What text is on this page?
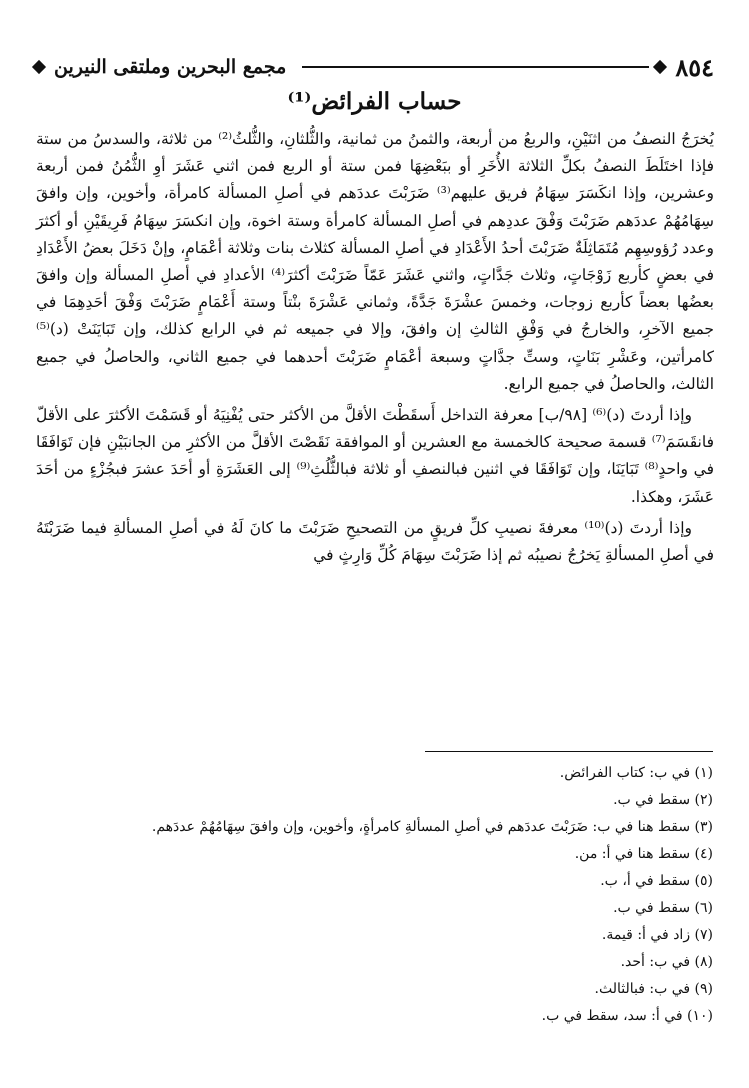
٨٥٤
مجمع البحرين وملتقى النيرين
حساب الفرائض⁽¹⁾

يُخرَجُ النصفُ من اثنَيْنِ، والربعُ من أربعة، والثمنُ من ثمانية، والثُّلثانِ، والثُّلثُ⁽²⁾ من ثلاثة، والسدسُ من ستة فإذا اختَلَطَ النصفُ بكلِّ الثلاثة الأُخَرِ أو ببَعْضِهَا فمن ستة أو الربع فمن اثني عَشَرَ أوِ الثُّمُنُ فمن أربعة وعشرين، وإذا انكَسَرَ سِهَامُ فريق عليهم⁽³⁾ ضَرَبْتَ عددَهم في أصلِ المسألة كامرأة، وأخوين، وإن وافقَ سِهَامُهُمْ عددَهم ضَرَبْتَ وَفْقَ عددِهم في أصلِ المسألة كامرأة وستة اخوة، وإن انكسَرَ سِهَامُ فَرِيقَيْنِ أو أكثرَ وعدد رُؤوسِهِم مُتَمَاثِلَةٌ ضَرَبْتَ أحدُ الأَعْدَادِ في أصلِ المسألة كثلاث بنات وثلاثة أعْمَامٍ، وإنْ دَخَلَ بعضُ الأَعْدَادِ في بعضٍ كأربع زَوْجَاتٍ، وثلاث جَدَّاتٍ، واثني عَشَرَ عَمّاً ضَرَبْتَ أكثرَ⁽⁴⁾ الأعدادِ في أصلِ المسألة وإن وافقَ بعضُها بعضاً كأربع زوجات، وخمسَ عشْرَةَ جَدَّةً، وثماني عَشْرَةَ بنْتاً وستة أَعْمَامٍ ضَرَبْتَ وَفْقَ أحَدِهِمَا في جميع الآخرِ، والخارجُ في وَفْقِ الثالثِ إن وافقَ، وإلا في جميعه ثم في الرابع كذلك، وإن تَبَايَنَتْ (د)⁽⁵⁾ كامرأتين، وعَشْرِ بَنَاتٍ، وستِّ جدَّاتٍ وسبعة أعْمَامٍ ضَرَبْتَ أحدهما في جميع الثاني، والحاصلُ في جميع الثالث، والحاصلُ في جميع الرابع.

وإذا أردتَ (د)⁽⁶⁾ [٩٨/ب] معرفة التداخل أَسقَطْتَ الأقلَّ من الأكثر حتى يُفْنِيَهُ أو قَسَمْتَ الأكثرَ على الأقلّ فانقَسَمَ⁽⁷⁾ قسمة صحيحة كالخمسة مع العشرين أو الموافقة نَقَصْتَ الأقلَّ من الأكثرِ من الجانبَيْنِ فإن تَوَافَقَا في واحدٍ⁽⁸⁾ تَبَايَنَا، وإن تَوَافَقَا في اثنين فبالنصفِ أو ثلاثة فبالثُّلُثِ⁽⁹⁾ إلى العَشَرَةِ أو أحَدَ عشرَ فبجُزْءٍ من أحَدَ عَشَرَ، وهكذا.

وإذا أردتَ (د)⁽¹⁰⁾ معرفةَ نصيبِ كلِّ فريقٍ من التصحيحِ ضَرَبْتَ ما كانَ لَهُ في أصلِ المسألةِ فيما ضَرَبْتَهُ في أصلِ المسألةِ يَخرُجُ نصيبُه ثم إذا ضَرَبْتَ سِهَامَ كُلِّ وَارِثٍ في

(١) في ب: كتاب الفرائض.
(٢) سقط في ب.
(٣) سقط هنا في ب: ضَرَبْتَ عددَهم في أصلِ المسألةِ كامرأةٍ، وأخوين، وإن وافقَ سِهَامُهُمْ عددَهم.
(٤) سقط هنا في أ: من.
(٥) سقط في أ، ب.
(٦) سقط في ب.
(٧) زاد في أ: قيمة.
(٨) في ب: أحد.
(٩) في ب: فبالثالث.
(١٠) في أ: سد، سقط في ب.
